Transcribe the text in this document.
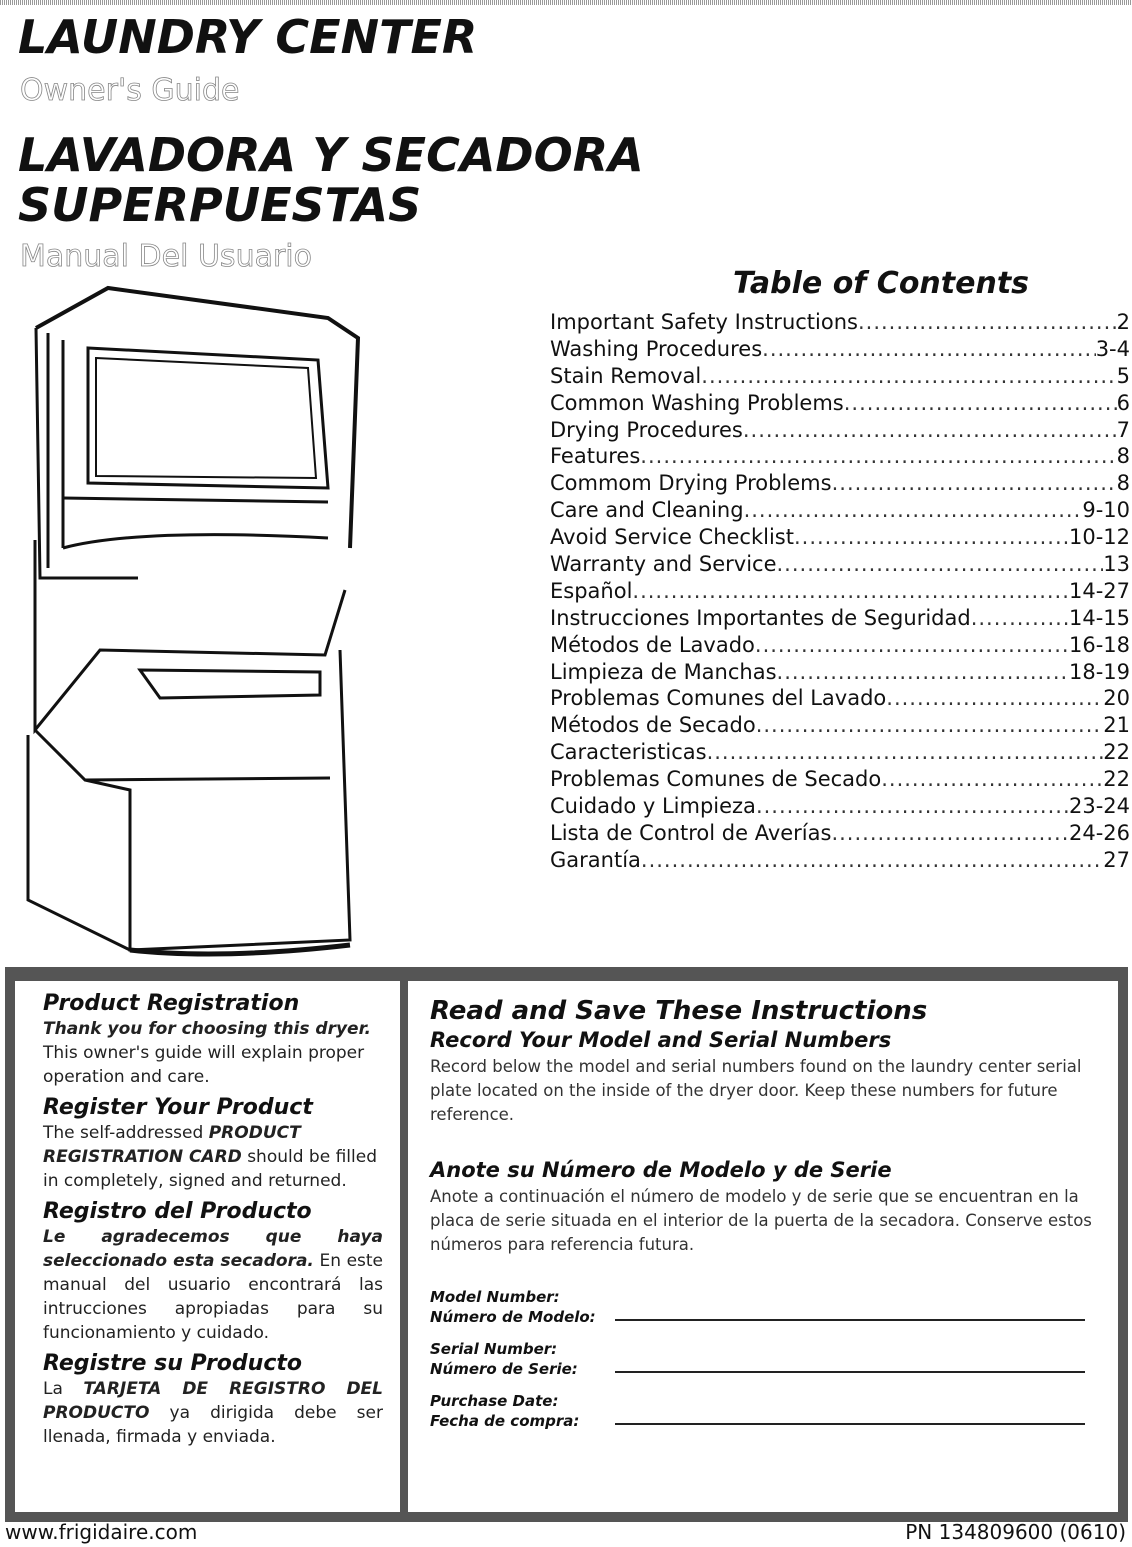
LAUNDRY CENTER
Owner's Guide
LAVADORA Y SECADORA
SUPERPUESTAS
Manual Del Usuario
Table of Contents
Important Safety Instructions .....	2
Washing Procedures .....	3-4
Stain Removal .....	5
Common Washing Problems .....	6
Drying Procedures .....	7
Features .....	8
Commom Drying Problems .....	8
Care and Cleaning .....	9-10
Avoid Service Checklist .....	10-12
Warranty and Service .....	13
Español .....	14-27
Instrucciones Importantes de Seguridad .....	14-15
Métodos de Lavado .....	16-18
Limpieza de Manchas .....	18-19
Problemas Comunes del Lavado .....	20
Métodos de Secado .....	21
Caracteristicas .....	22
Problemas Comunes de Secado .....	22
Cuidado y Limpieza .....	23-24
Lista de Control de Averías .....	24-26
Garantía .....	27
Product Registration

Thank you for choosing this dryer. This owner's guide will explain proper operation and care.

Register Your Product

The self-addressed PRODUCT REGISTRATION CARD should be filled in completely, signed and returned.

Registro del Producto

Le agradecemos que haya seleccionado esta secadora. En este manual del usuario encontrará las intrucciones apropiadas para su funcionamiento y cuidado.

Registre su Producto

La TARJETA DE REGISTRO DEL PRODUCTO ya dirigida debe ser llenada, firmada y enviada.

Read and Save These Instructions
Record Your Model and Serial Numbers

Record below the model and serial numbers found on the laundry center serial plate located on the inside of the dryer door. Keep these numbers for future reference.

Anote su Número de Modelo y de Serie

Anote a continuación el número de modelo y de serie que se encuentran en la placa de serie situada en el interior de la puerta de la secadora. Conserve estos números para referencia futura.

Model Number:
Número de Modelo:
Serial Number:
Número de Serie:
Purchase Date:
Fecha de compra:
www.frigidaire.com	PN 134809600 (0610)
